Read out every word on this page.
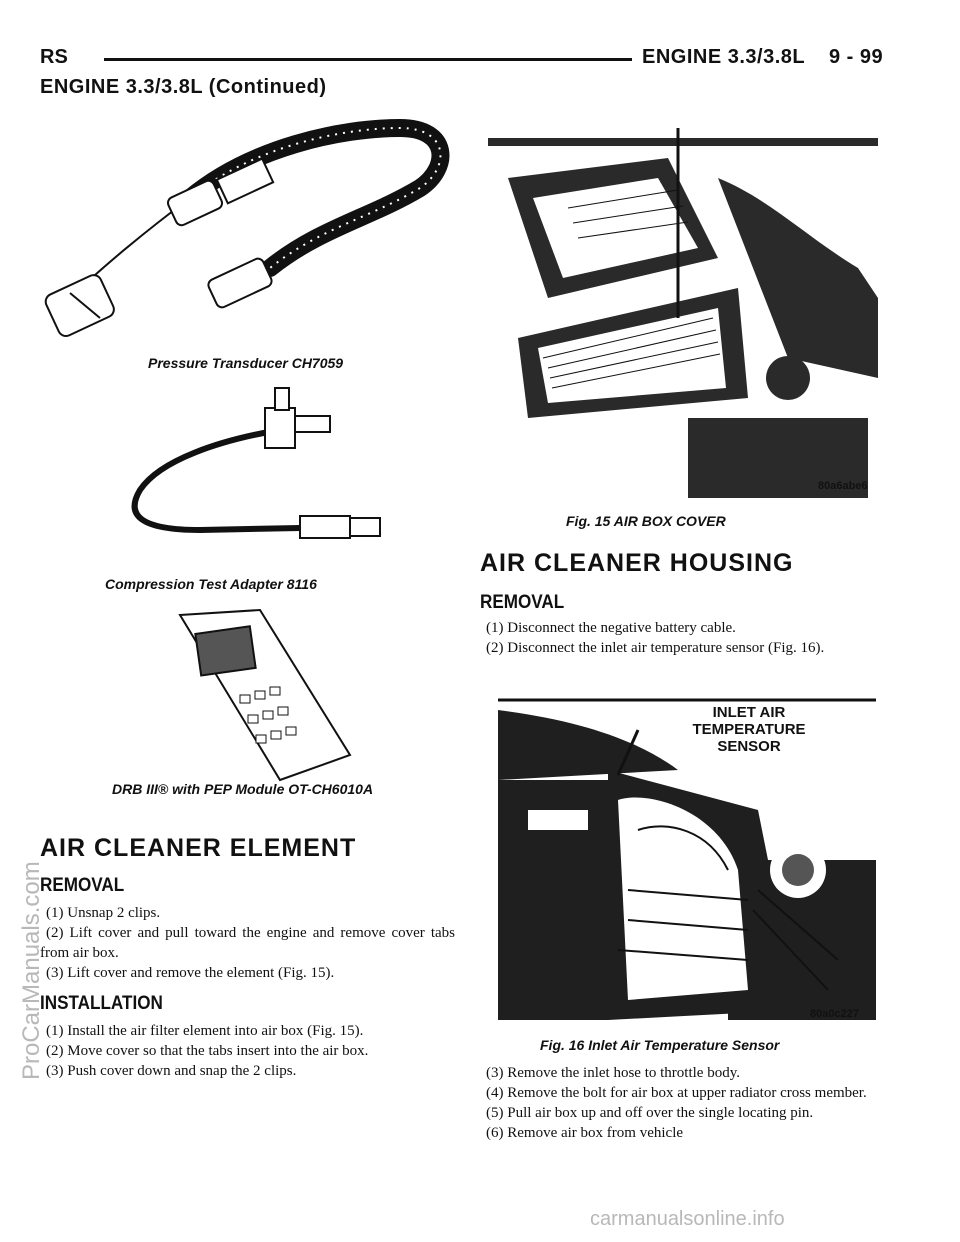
RS	ENGINE 3.3/3.8L    9 - 99
ENGINE 3.3/3.8L (Continued)
Pressure Transducer CH7059
Compression Test Adapter 8116
DRB III® with PEP Module OT-CH6010A
AIR CLEANER ELEMENT
REMOVAL

(1) Unsnap 2 clips.

(2) Lift cover and pull toward the engine and remove cover tabs from air box.

(3) Lift cover and remove the element (Fig. 15).

INSTALLATION

(1) Install the air filter element into air box (Fig. 15).

(2) Move cover so that the tabs insert into the air box.

(3) Push cover down and snap the 2 clips.

80a6abe6
Fig. 15 AIR BOX COVER
AIR CLEANER HOUSING
REMOVAL

(1) Disconnect the negative battery cable.

(2) Disconnect the inlet air temperature sensor (Fig. 16).

INLET AIR
TEMPERATURE
SENSOR
80a0c227
Fig. 16 Inlet Air Temperature Sensor

(3) Remove the inlet hose to throttle body.

(4) Remove the bolt for air box at upper radiator cross member.

(5) Pull air box up and off over the single locating pin.

(6) Remove air box from vehicle

ProCarManuals.com
carmanualsonline.info
